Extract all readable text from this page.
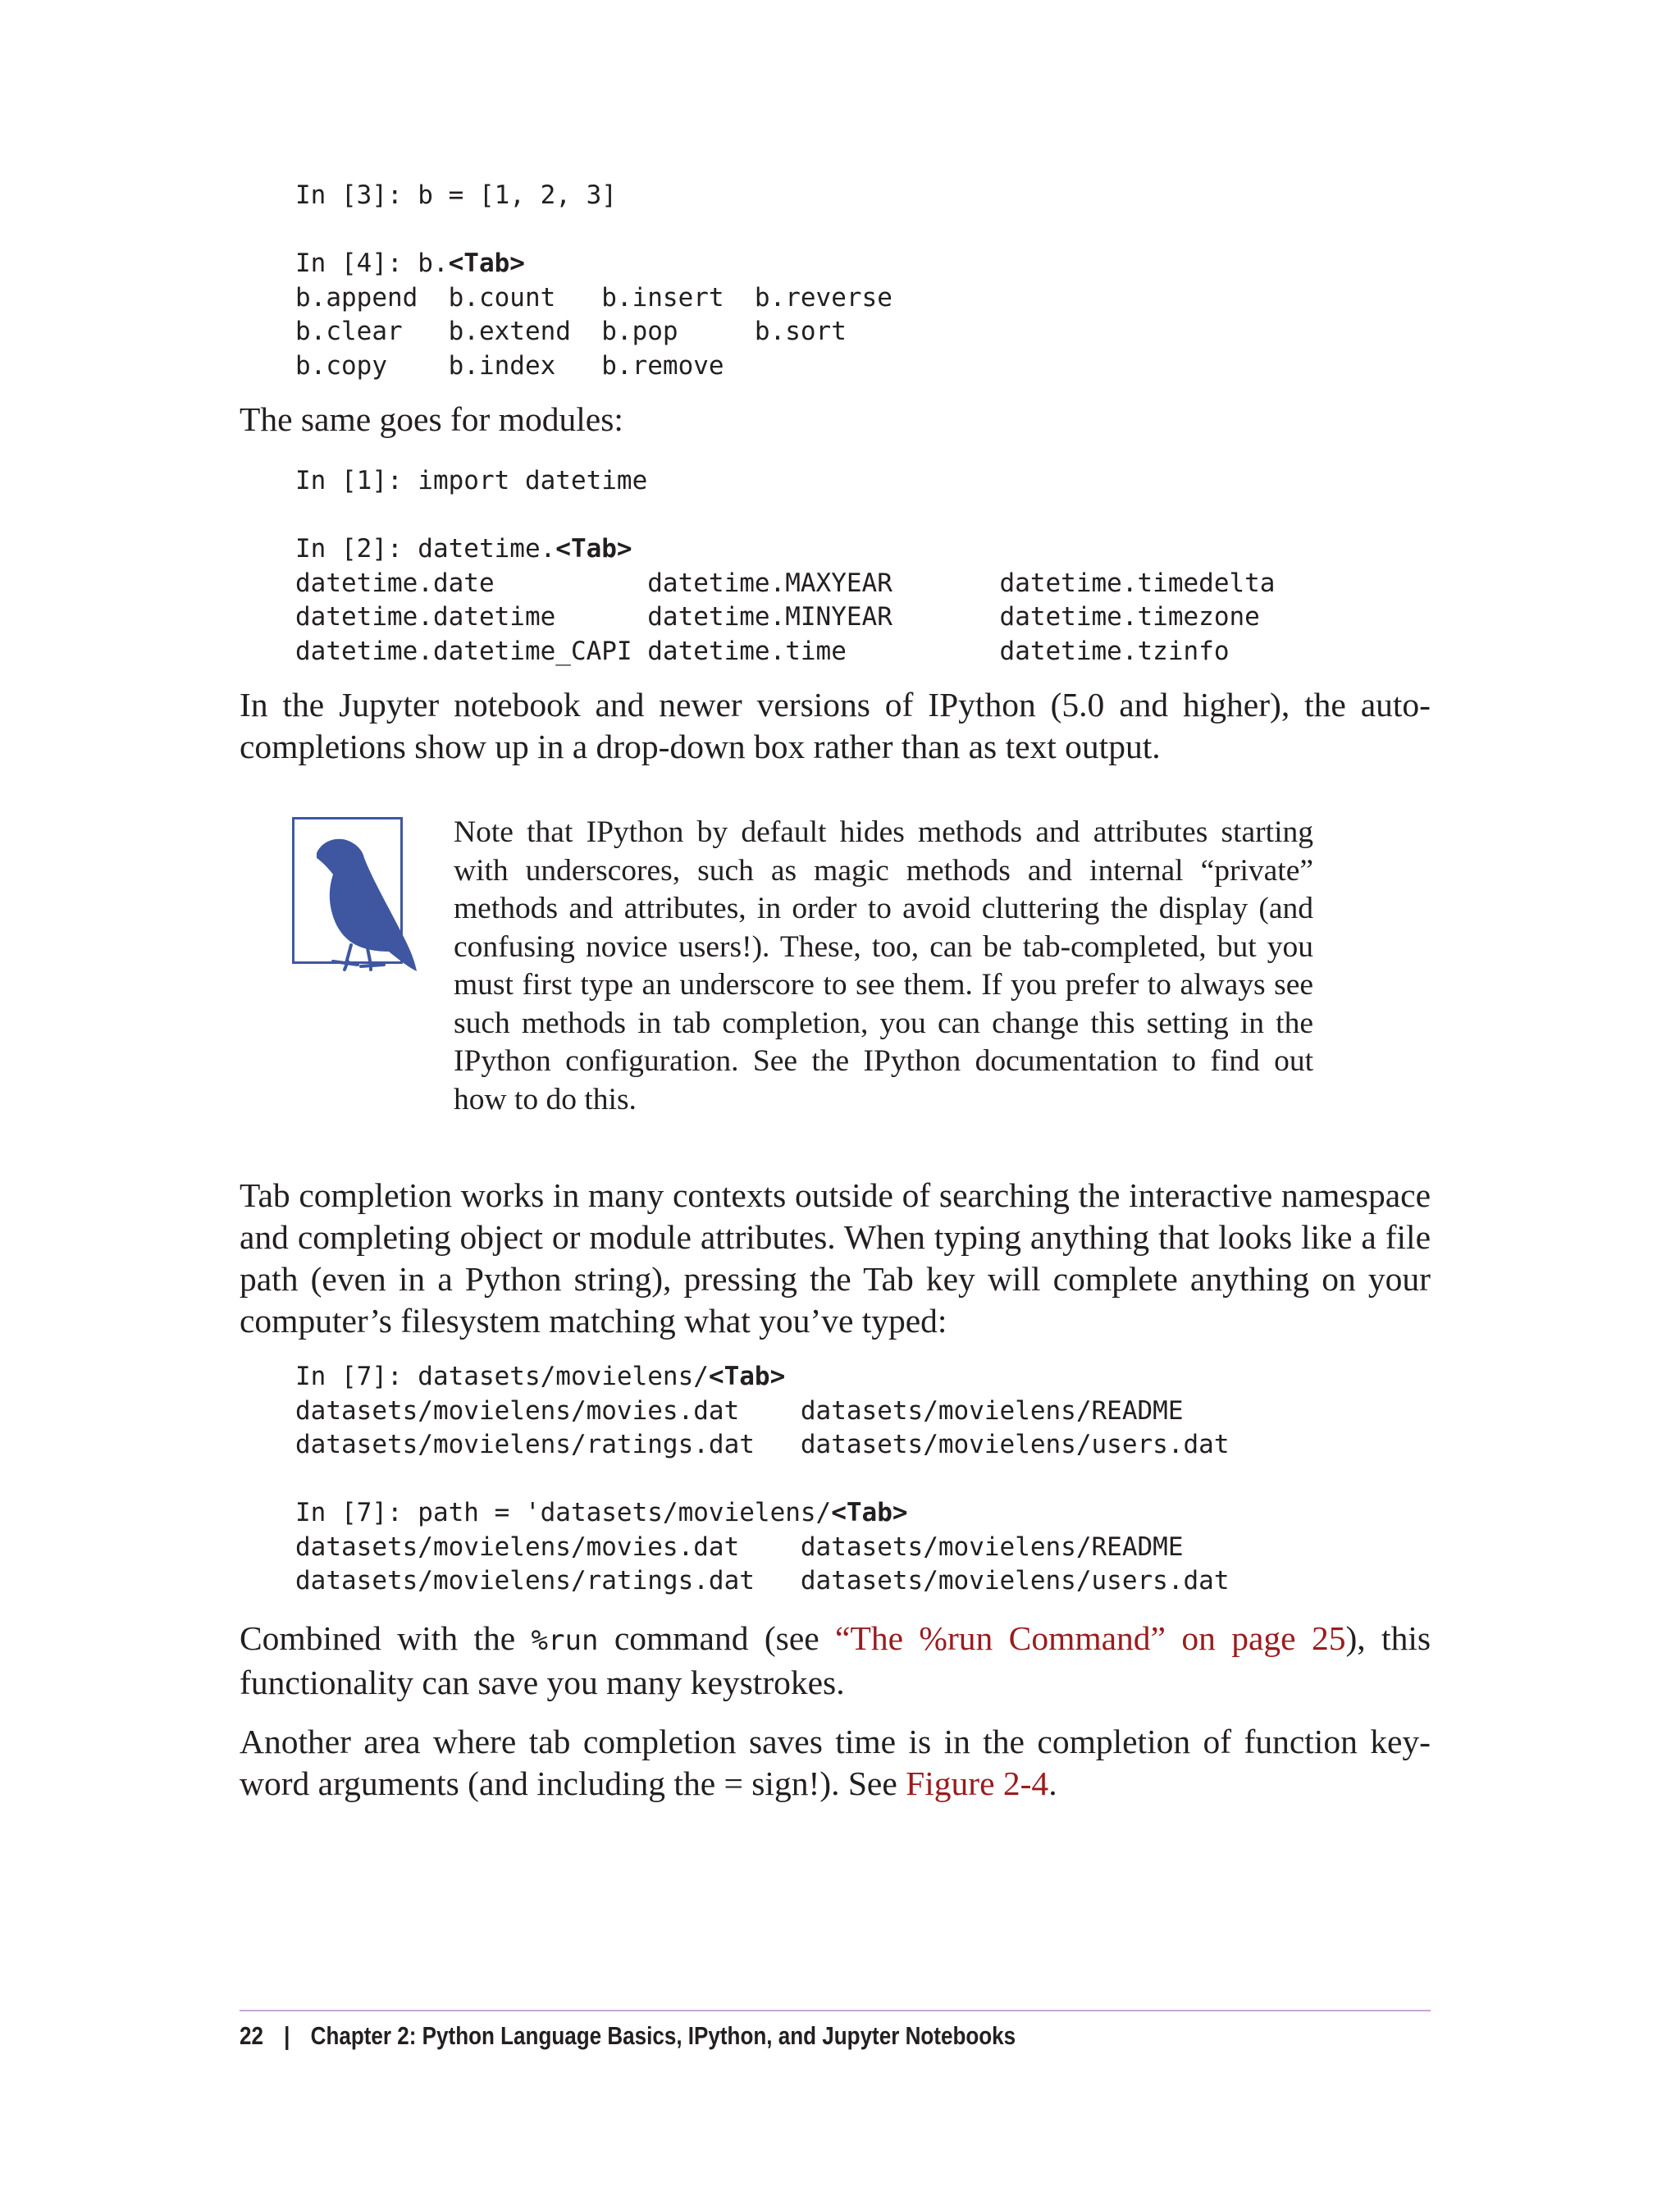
In [3]: b = [1, 2, 3]

In [4]: b.<Tab>
b.append  b.count   b.insert  b.reverse
b.clear   b.extend  b.pop     b.sort
b.copy    b.index   b.remove

The same goes for modules:

In [1]: import datetime

In [2]: datetime.<Tab>
datetime.date          datetime.MAXYEAR       datetime.timedelta
datetime.datetime      datetime.MINYEAR       datetime.timezone
datetime.datetime_CAPI datetime.time          datetime.tzinfo

In the Jupyter notebook and newer versions of IPython (5.0 and higher), the auto-completions show up in a drop-down box rather than as text output.

Note that IPython by default hides methods and attributes starting with underscores, such as magic methods and internal “private” methods and attributes, in order to avoid cluttering the display (and confusing novice users!). These, too, can be tab-completed, but you must first type an underscore to see them. If you prefer to always see such methods in tab completion, you can change this setting in the IPython configuration. See the IPython documentation to find out how to do this.

Tab completion works in many contexts outside of searching the interactive namespace and completing object or module attributes. When typing anything that looks like a file path (even in a Python string), pressing the Tab key will complete anything on your computer’s filesystem matching what you’ve typed:

In [7]: datasets/movielens/<Tab>
datasets/movielens/movies.dat    datasets/movielens/README
datasets/movielens/ratings.dat   datasets/movielens/users.dat

In [7]: path = 'datasets/movielens/<Tab>
datasets/movielens/movies.dat    datasets/movielens/README
datasets/movielens/ratings.dat   datasets/movielens/users.dat

Combined with the %run command (see “The %run Command” on page 25), this functionality can save you many keystrokes.

Another area where tab completion saves time is in the completion of function keyword arguments (and including the = sign!). See Figure 2-4.

22 | Chapter 2: Python Language Basics, IPython, and Jupyter Notebooks
